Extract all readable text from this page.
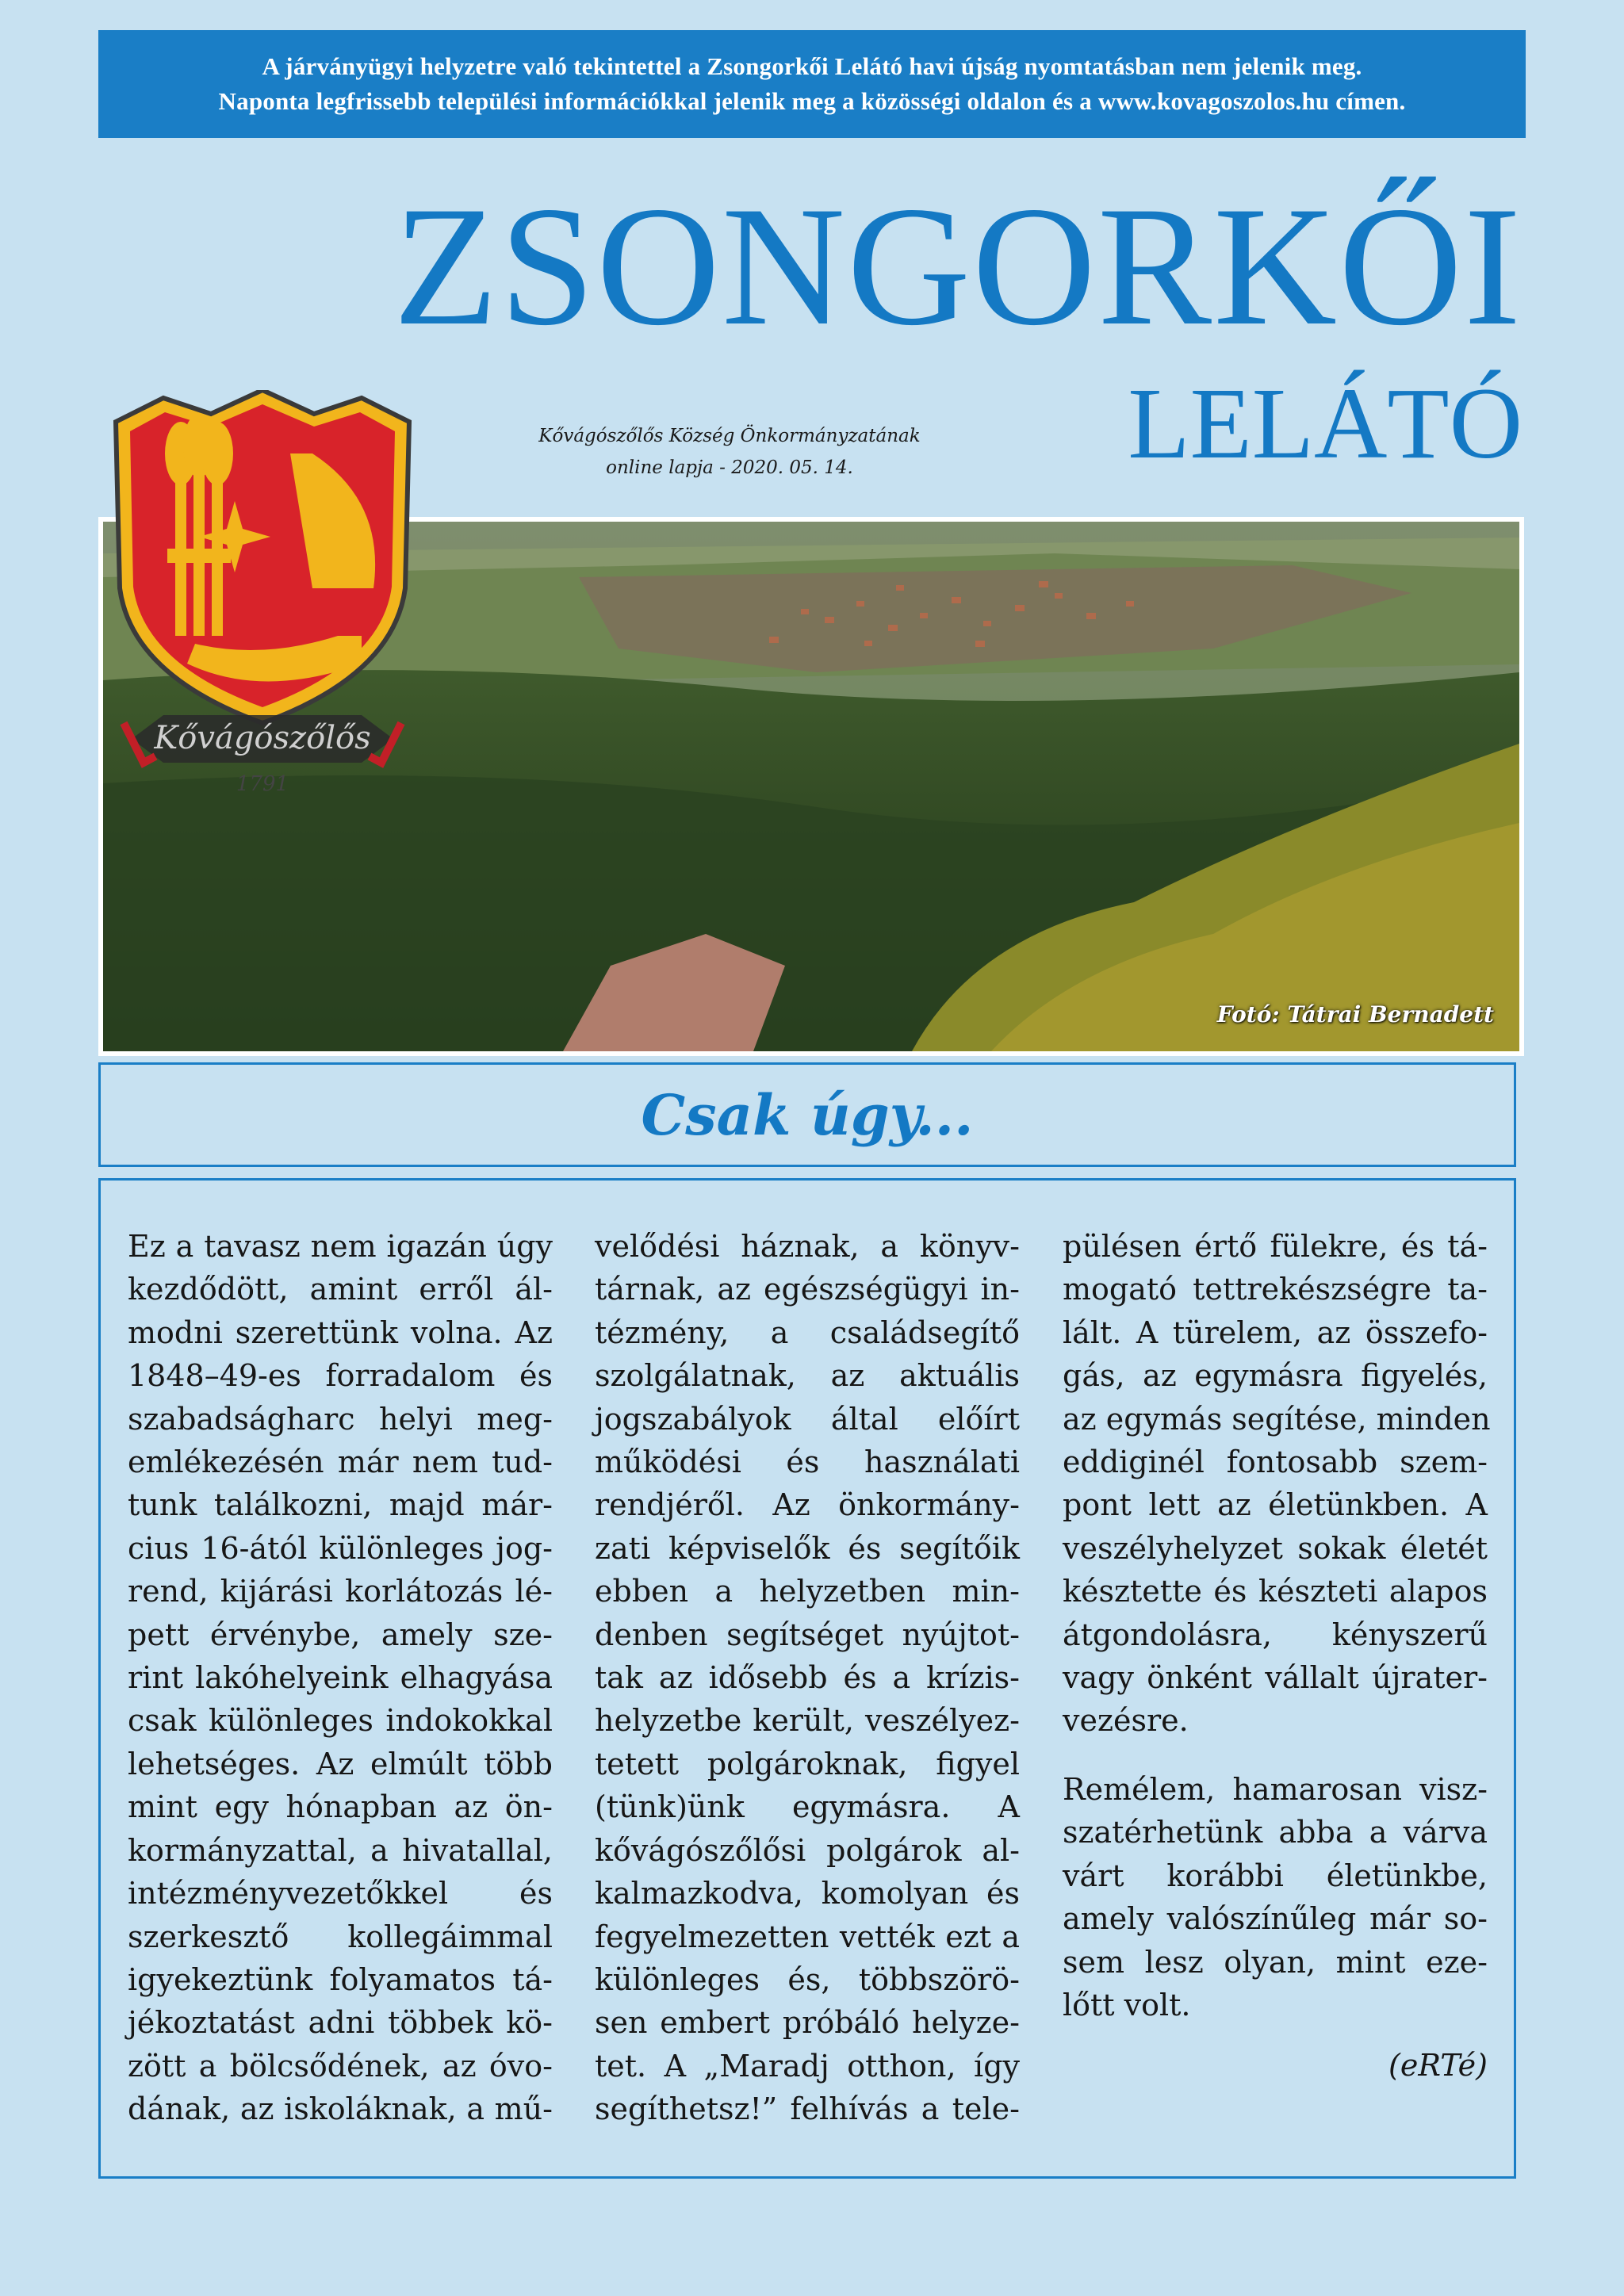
A járványügyi helyzetre való tekintettel a Zsongorkői Lelátó havi újság nyomtatásban nem jelenik meg.
Naponta legfrissebb települési információkkal jelenik meg a közösségi oldalon és a www.kovagoszolos.hu címen.
ZSONGORKŐI
LELÁTÓ
Kővágószőlős Község Önkormányzatának
online lapja - 2020. 05. 14.
Fotó: Tátrai Bernadett
Kővágószőlős
1791
Csak úgy...
Ez a tavasz nem igazán úgy
kezdődött, amint erről ál-
modni szerettünk volna. Az
1848–49-es forradalom és
szabadságharc helyi meg-
emlékezésén már nem tud-
tunk találkozni, majd már-
cius 16-ától különleges jog-
rend, kijárási korlátozás lé-
pett érvénybe, amely sze-
rint lakóhelyeink elhagyása
csak különleges indokokkal
lehetséges. Az elmúlt több
mint egy hónapban az ön-
kormányzattal, a hivatallal,
intézményvezetőkkel és
szerkesztő kollegáimmal
igyekeztünk folyamatos tá-
jékoztatást adni többek kö-
zött a bölcsődének, az óvo-
dának, az iskoláknak, a mű-
velődési háznak, a könyv-
tárnak, az egészségügyi in-
tézmény, a családsegítő
szolgálatnak, az aktuális
jogszabályok által előírt
működési és használati
rendjéről. Az önkormány-
zati képviselők és segítőik
ebben a helyzetben min-
denben segítséget nyújtot-
tak az idősebb és a krízis-
helyzetbe került, veszélyez-
tetett polgároknak, figyel
(tünk)ünk egymásra. A
kővágószőlősi polgárok al-
kalmazkodva, komolyan és
fegyelmezetten vették ezt a
különleges és, többszörö-
sen embert próbáló helyze-
tet. A „Maradj otthon, így
segíthetsz!” felhívás a tele-
pülésen értő fülekre, és tá-
mogató tettrekészségre ta-
lált. A türelem, az összefo-
gás, az egymásra figyelés,
az egymás segítése, minden
eddiginél fontosabb szem-
pont lett az életünkben. A
veszélyhelyzet sokak életét
késztette és készteti alapos
átgondolásra, kényszerű
vagy önként vállalt újrater-
vezésre.
Remélem, hamarosan visz-
szatérhetünk abba a várva
várt korábbi életünkbe,
amely valószínűleg már so-
sem lesz olyan, mint eze-
lőtt volt.
(eRTé)
